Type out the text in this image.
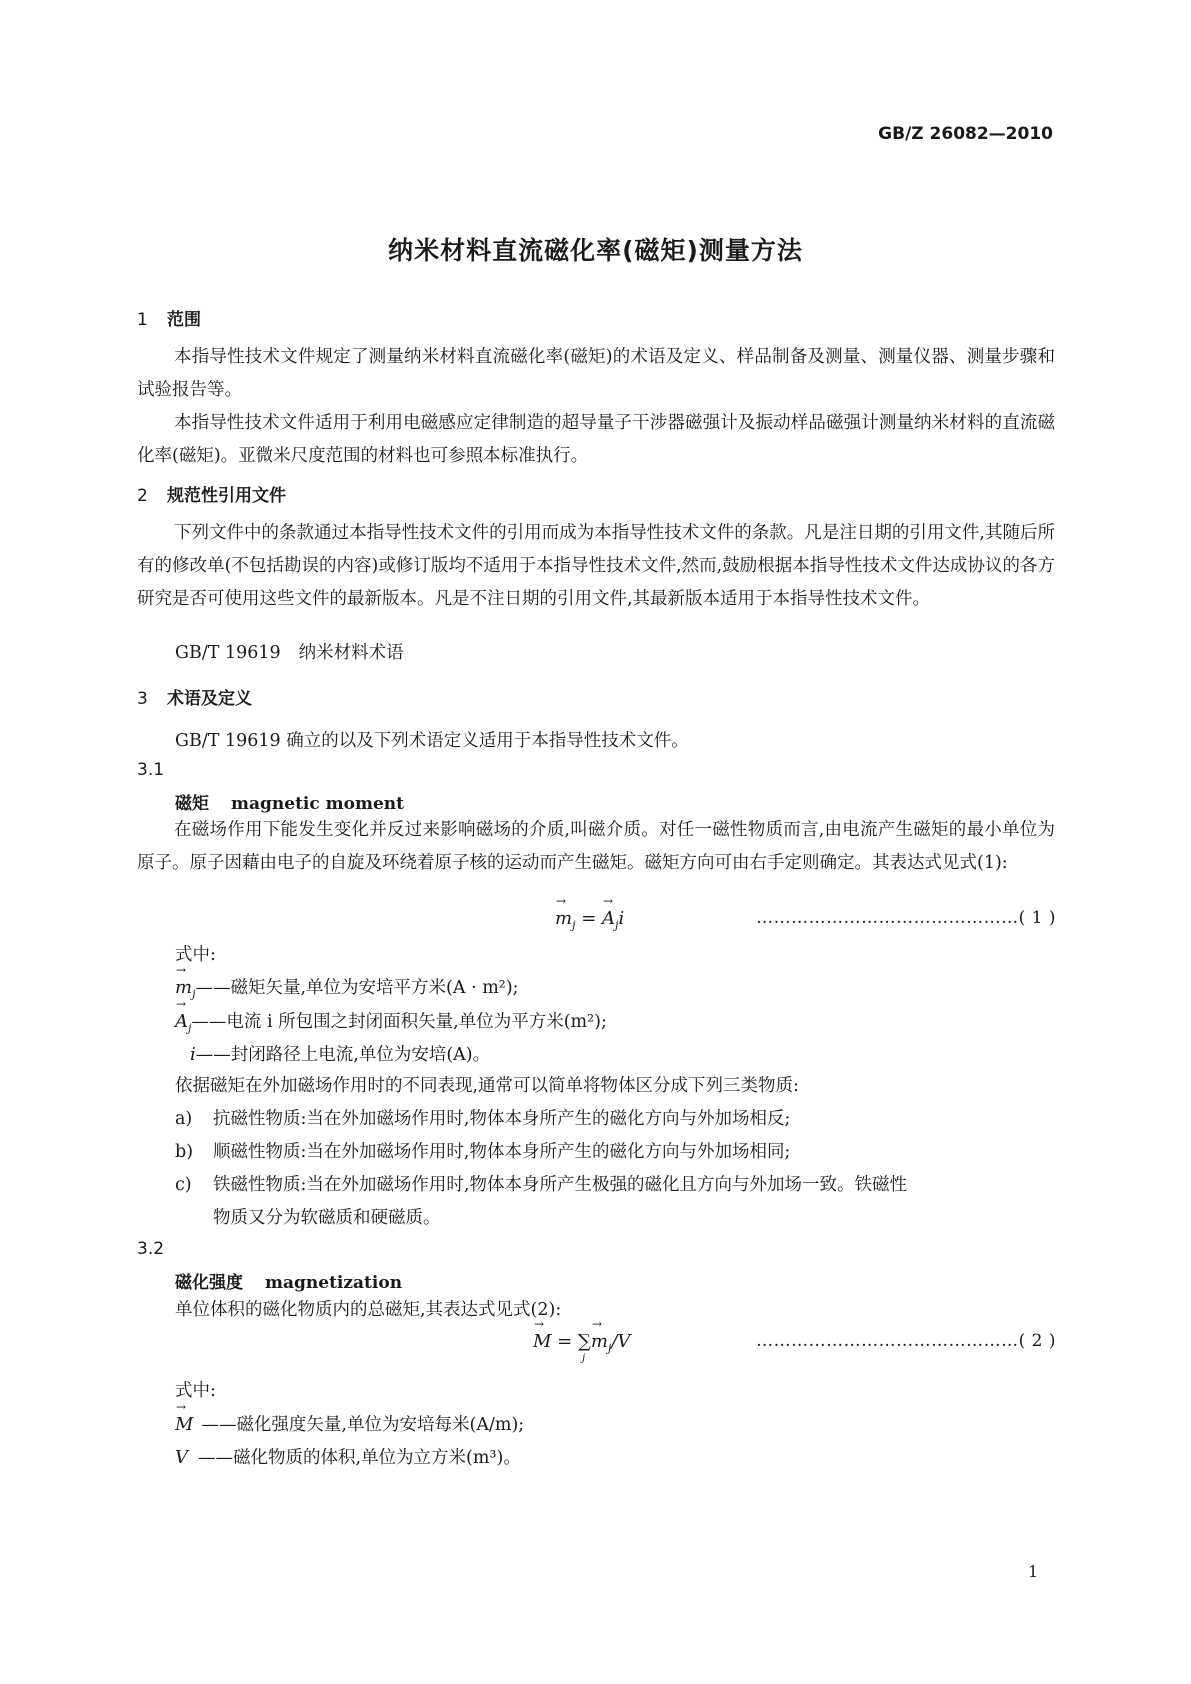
GB/Z 26082—2010
纳米材料直流磁化率(磁矩)测量方法
1 范围
本指导性技术文件规定了测量纳米材料直流磁化率(磁矩)的术语及定义、样品制备及测量、测量仪器、测量步骤和试验报告等。
本指导性技术文件适用于利用电磁感应定律制造的超导量子干涉器磁强计及振动样品磁强计测量纳米材料的直流磁化率(磁矩)。亚微米尺度范围的材料也可参照本标准执行。
2 规范性引用文件
下列文件中的条款通过本指导性技术文件的引用而成为本指导性技术文件的条款。凡是注日期的引用文件,其随后所有的修改单(不包括勘误的内容)或修订版均不适用于本指导性技术文件,然而,鼓励根据本指导性技术文件达成协议的各方研究是否可使用这些文件的最新版本。凡是不注日期的引用文件,其最新版本适用于本指导性技术文件。
GB/T 19619 纳米材料术语
3 术语及定义
GB/T 19619 确立的以及下列术语定义适用于本指导性技术文件。
3.1
磁矩 magnetic moment
在磁场作用下能发生变化并反过来影响磁场的介质,叫磁介质。对任一磁性物质而言,由电流产生磁矩的最小单位为原子。原子因藉由电子的自旋及环绕着原子核的运动而产生磁矩。磁矩方向可由右手定则确定。其表达式见式(1):
→ $m_j$ = → $A_ji$	………………………………………( 1 )
式中:
→ $m_j——$磁矩矢量,单位为安培平方米(A · m²);
→ $A_j——$电流 i 所包围之封闭面积矢量,单位为平方米(m²);
i——封闭路径上电流,单位为安培(A)。
依据磁矩在外加磁场作用时的不同表现,通常可以简单将物体区分成下列三类物质:
a) 抗磁性物质:当在外加磁场作用时,物体本身所产生的磁化方向与外加场相反;
b) 顺磁性物质:当在外加磁场作用时,物体本身所产生的磁化方向与外加场相同;
c) 铁磁性物质:当在外加磁场作用时,物体本身所产生极强的磁化且方向与外加场一致。铁磁性
物质又分为软磁质和硬磁质。
3.2
磁化强度 magnetization
单位体积的磁化物质内的总磁矩,其表达式见式(2):
→ M = ∑
j
→ $m_j/V$	………………………………………( 2 )
式中:
→ M ——磁化强度矢量,单位为安培每米(A/m);
V ——磁化物质的体积,单位为立方米(m³)。
1
